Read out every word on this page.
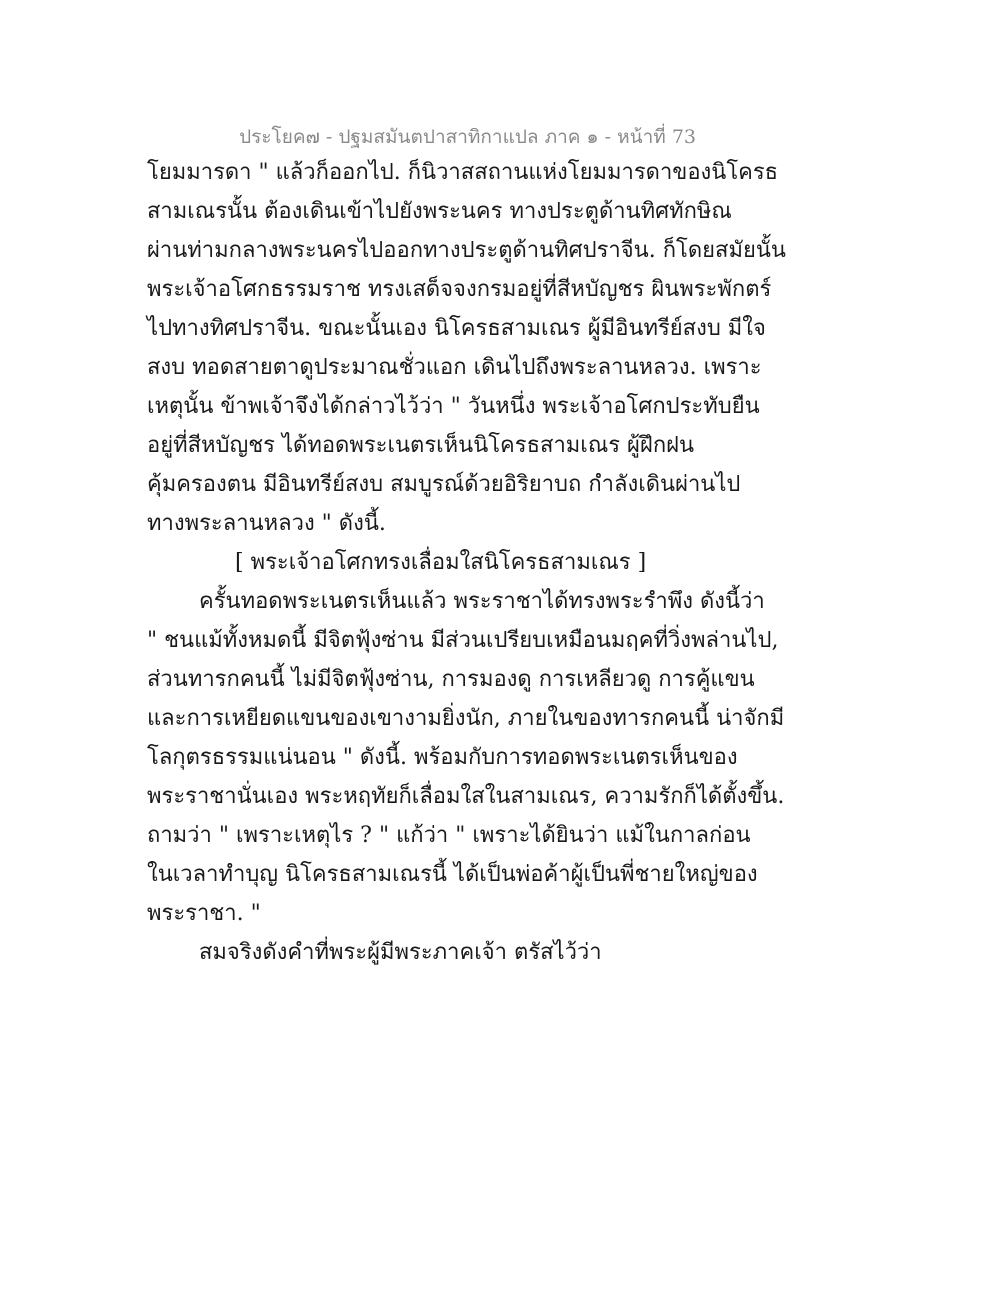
ประโยค๗ - ปฐมสมันตปาสาทิกาแปล ภาค ๑ - หน้าที่ 73
โยมมารดา " แล้วก็ออกไป. ก็นิวาสสถานแห่งโยมมารดาของนิโครธ
สามเณรนั้น ต้องเดินเข้าไปยังพระนคร ทางประตูด้านทิศทักษิณ
ผ่านท่ามกลางพระนครไปออกทางประตูด้านทิศปราจีน. ก็โดยสมัยนั้น
พระเจ้าอโศกธรรมราช ทรงเสด็จจงกรมอยู่ที่สีหบัญชร ผินพระพักตร์
ไปทางทิศปราจีน. ขณะนั้นเอง นิโครธสามเณร ผู้มีอินทรีย์สงบ มีใจ
สงบ ทอดสายตาดูประมาณชั่วแอก เดินไปถึงพระลานหลวง. เพราะ
เหตุนั้น ข้าพเจ้าจึงได้กล่าวไว้ว่า " วันหนึ่ง พระเจ้าอโศกประทับยืน
อยู่ที่สีหบัญชร ได้ทอดพระเนตรเห็นนิโครธสามเณร ผู้ฝึกฝน
คุ้มครองตน มีอินทรีย์สงบ สมบูรณ์ด้วยอิริยาบถ กำลังเดินผ่านไป
ทางพระลานหลวง " ดังนี้.
[ พระเจ้าอโศกทรงเลื่อมใสนิโครธสามเณร ]
ครั้นทอดพระเนตรเห็นแล้ว พระราชาได้ทรงพระรำพึง ดังนี้ว่า
" ชนแม้ทั้งหมดนี้ มีจิตฟุ้งซ่าน มีส่วนเปรียบเหมือนมฤคที่วิ่งพล่านไป,
ส่วนทารกคนนี้ ไม่มีจิตฟุ้งซ่าน, การมองดู การเหลียวดู การคู้แขน
และการเหยียดแขนของเขางามยิ่งนัก, ภายในของทารกคนนี้ น่าจักมี
โลกุตรธรรมแน่นอน " ดังนี้. พร้อมกับการทอดพระเนตรเห็นของ
พระราชานั่นเอง พระหฤทัยก็เลื่อมใสในสามเณร, ความรักก็ได้ตั้งขึ้น.
ถามว่า " เพราะเหตุไร ? " แก้ว่า " เพราะได้ยินว่า แม้ในกาลก่อน
ในเวลาทำบุญ นิโครธสามเณรนี้ ได้เป็นพ่อค้าผู้เป็นพี่ชายใหญ่ของ
พระราชา. "
สมจริงดังคำที่พระผู้มีพระภาคเจ้า ตรัสไว้ว่า
